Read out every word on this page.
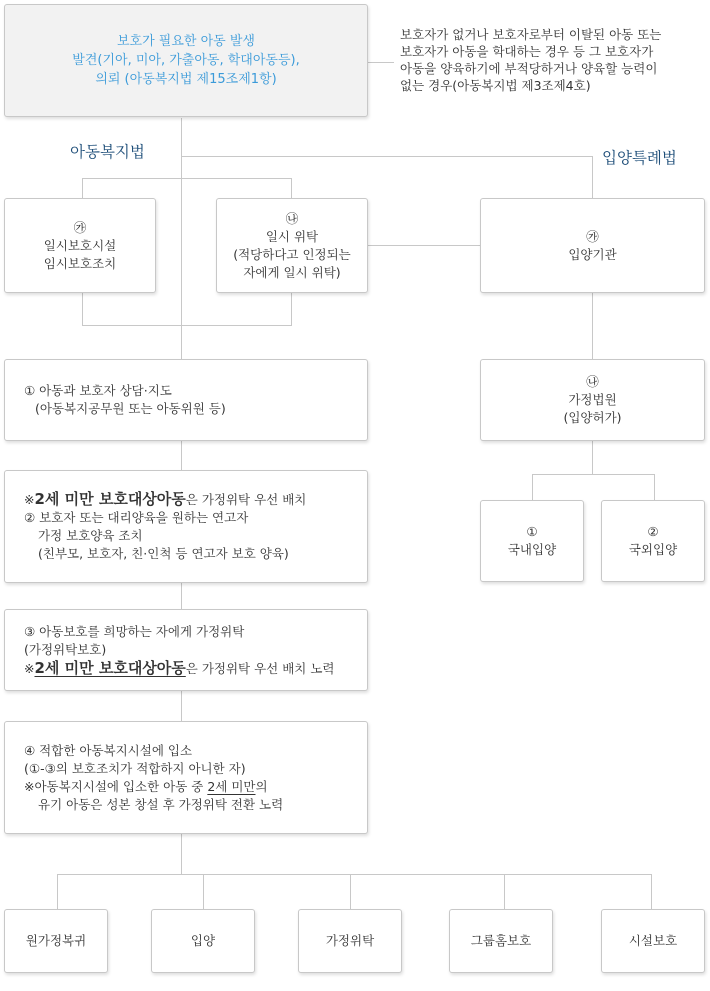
보호가 필요한 아동 발생
발견(기아, 미아, 가출아동, 학대아동등),
의뢰 (아동복지법 제15조제1항)
보호자가 없거나 보호자로부터 이탈된 아동 또는
보호자가 아동을 학대하는 경우 등 그 보호자가
아동을 양육하기에 부적당하거나 양육할 능력이
없는 경우(아동복지법 제3조제4호)
아동복지법	입양특례법
㉮
일시보호시설
임시보호조치
㉯
일시 위탁
(적당하다고 인정되는
자에게 일시 위탁)
㉮
입양기관
㉯
가정법원
(입양허가)
①
국내입양
②
국외입양
① 아동과 보호자 상담·지도
(아동복지공무원 또는 아동위원 등)
※2세 미만 보호대상아동은 가정위탁 우선 배치
② 보호자 또는 대리양육을 원하는 연고자
가정 보호양육 조치
(친부모, 보호자, 친·인척 등 연고자 보호 양육)
③ 아동보호를 희망하는 자에게 가정위탁
(가정위탁보호)
※2세 미만 보호대상아동은 가정위탁 우선 배치 노력
④ 적합한 아동복지시설에 입소
(①-③의 보호조치가 적합하지 아니한 자)
※아동복지시설에 입소한 아동 중 2세 미만의
유기 아동은 성본 창설 후 가정위탁 전환 노력
원가정복귀	입양	가정위탁	그룹홈보호	시설보호
